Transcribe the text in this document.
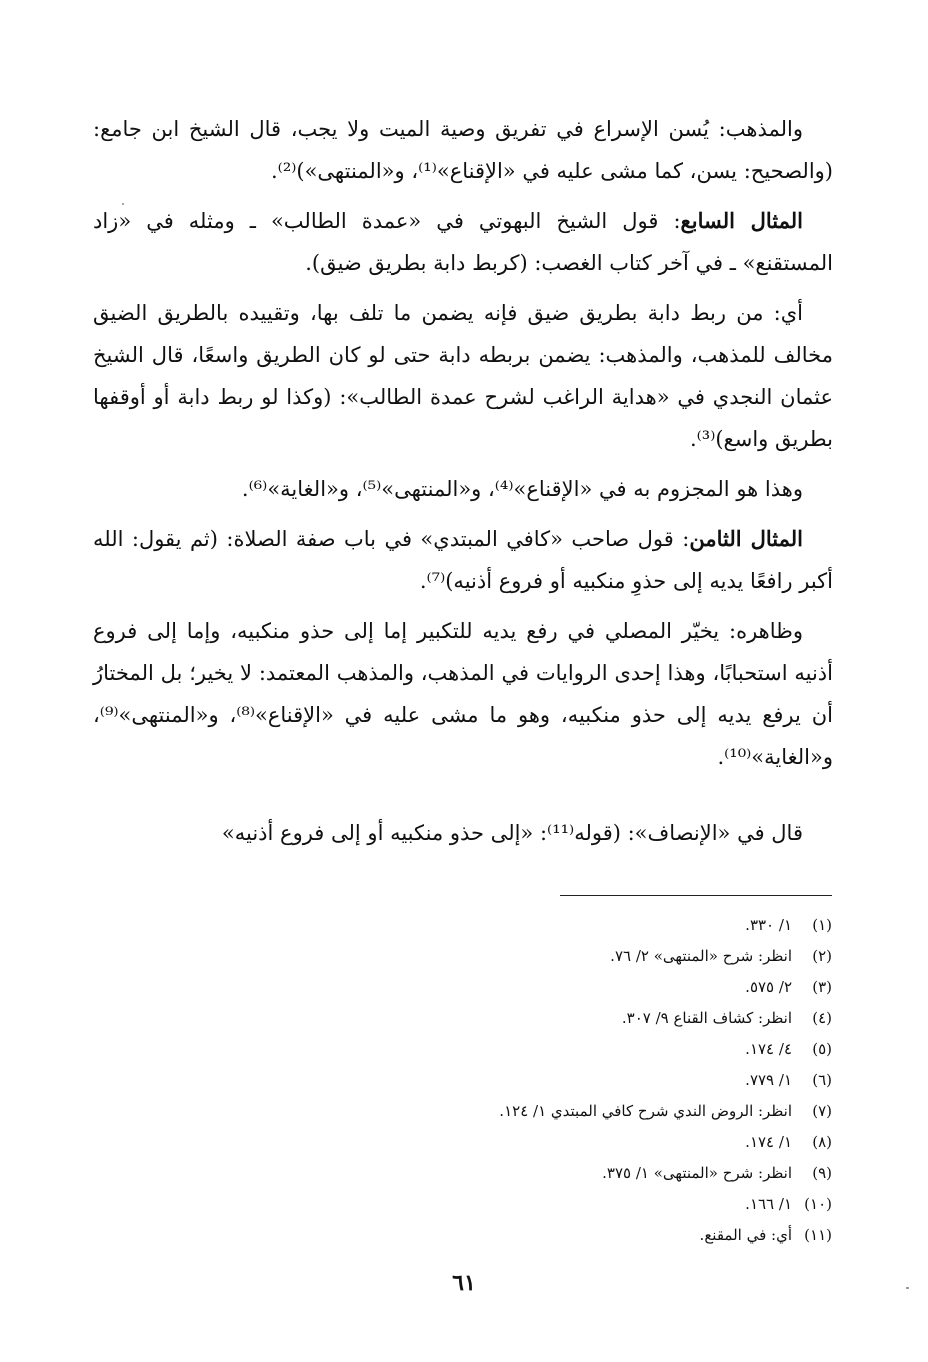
والمذهب: يُسن الإسراع في تفريق وصية الميت ولا يجب، قال الشيخ ابن جامع: (والصحيح: يسن، كما مشى عليه في «الإقناع»⁽¹⁾، و«المنتهى»)⁽²⁾.

المثال السابع : قول الشيخ البهوتي في «عمدة الطالب» ـ ومثله في «زاد المستقنع» ـ في آخر كتاب الغصب: (كربط دابة بطريق ضيق).

أي: من ربط دابة بطريق ضيق فإنه يضمن ما تلف بها، وتقييده بالطريق الضيق مخالف للمذهب، والمذهب: يضمن بربطه دابة حتى لو كان الطريق واسعًا، قال الشيخ عثمان النجدي في «هداية الراغب لشرح عمدة الطالب»: (وكذا لو ربط دابة أو أوقفها بطريق واسع)⁽³⁾.

وهذا هو المجزوم به في «الإقناع»⁽⁴⁾، و«المنتهى»⁽⁵⁾، و«الغاية»⁽⁶⁾.

المثال الثامن : قول صاحب «كافي المبتدي» في باب صفة الصلاة: (ثم يقول: الله أكبر رافعًا يديه إلى حذوِ منكبيه أو فروع أذنيه)⁽⁷⁾.

وظاهره: يخيّر المصلي في رفع يديه للتكبير إما إلى حذو منكبيه، وإما إلى فروع أذنيه استحبابًا، وهذا إحدى الروايات في المذهب، والمذهب المعتمد: لا يخير؛ بل المختارُ أن يرفع يديه إلى حذو منكبيه، وهو ما مشى عليه في «الإقناع»⁽⁸⁾، و«المنتهى»⁽⁹⁾، و«الغاية»⁽¹⁰⁾.

قال في «الإنصاف»: (قوله⁽¹¹⁾: «إلى حذو منكبيه أو إلى فروع أذنيه»

(١)
١/ ٣٣٠.
(٢)
انظر: شرح «المنتهى» ٢/ ٧٦.
(٣)
٢/ ٥٧٥.
(٤)
انظر: كشاف القناع ٩/ ٣٠٧.
(٥)
٤/ ١٧٤.
(٦)
١/ ٧٧٩.
(٧)
انظر: الروض الندي شرح كافي المبتدي ١/ ١٢٤.
(٨)
١/ ١٧٤.
(٩)
انظر: شرح «المنتهى» ١/ ٣٧٥.
(١٠)
١/ ١٦٦.
(١١)
أي: في المقنع.
٦١
